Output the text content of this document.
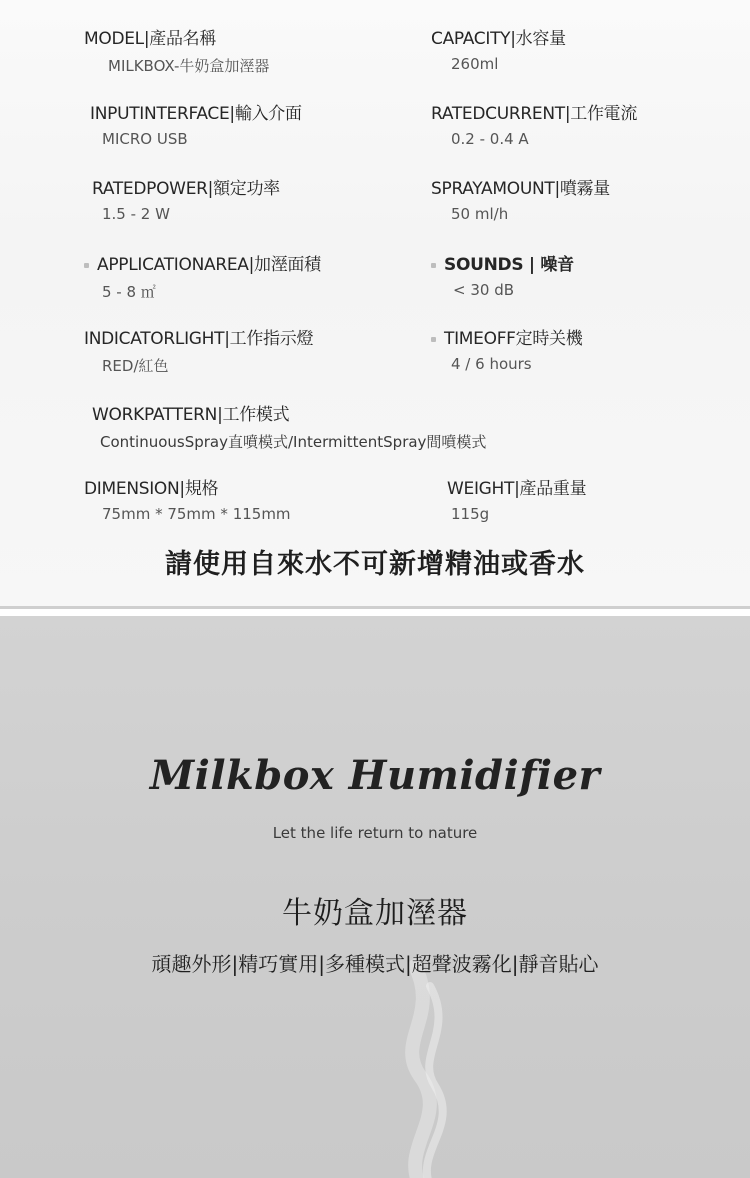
MODEL|產品名稱
MILKBOX-牛奶盒加溼器
CAPACITY|水容量
260ml
INPUTINTERFACE|輸入介面
MICRO USB
RATEDCURRENT|工作電流
0.2 - 0.4 A
RATEDPOWER|額定功率
1.5 - 2 W
SPRAYAMOUNT|噴霧量
50 ml/h
APPLICATIONAREA|加溼面積
5 - 8 ㎡
SOUNDS | 噪音
< 30 dB
INDICATORLIGHT|工作指示燈
RED/紅色
TIMEOFF定時关機
4 / 6 hours
WORKPATTERN|工作模式
ContinuousSpray直噴模式/IntermittentSpray間噴模式
DIMENSION|規格
75mm * 75mm * 115mm
WEIGHT|產品重量
115g
請使用自來水不可新增精油或香水
Milkbox Humidifier
Let the life return to nature
牛奶盒加溼器
頑趣外形|精巧實用|多種模式|超聲波霧化|靜音貼心
